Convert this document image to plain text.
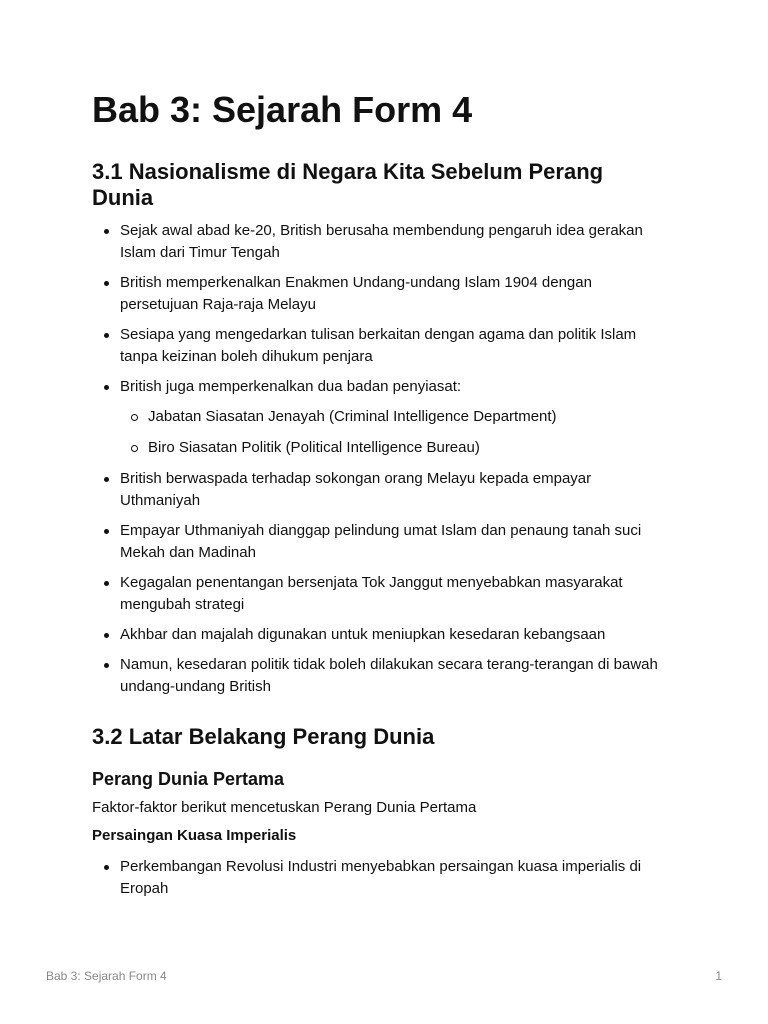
Bab 3: Sejarah Form 4
3.1 Nasionalisme di Negara Kita Sebelum Perang Dunia
Sejak awal abad ke-20, British berusaha membendung pengaruh idea gerakan Islam dari Timur Tengah
British memperkenalkan Enakmen Undang-undang Islam 1904 dengan persetujuan Raja-raja Melayu
Sesiapa yang mengedarkan tulisan berkaitan dengan agama dan politik Islam tanpa keizinan boleh dihukum penjara
British juga memperkenalkan dua badan penyiasat:
Jabatan Siasatan Jenayah (Criminal Intelligence Department)
Biro Siasatan Politik (Political Intelligence Bureau)
British berwaspada terhadap sokongan orang Melayu kepada empayar Uthmaniyah
Empayar Uthmaniyah dianggap pelindung umat Islam dan penaung tanah suci Mekah dan Madinah
Kegagalan penentangan bersenjata Tok Janggut menyebabkan masyarakat mengubah strategi
Akhbar dan majalah digunakan untuk meniupkan kesedaran kebangsaan
Namun, kesedaran politik tidak boleh dilakukan secara terang-terangan di bawah undang-undang British
3.2 Latar Belakang Perang Dunia
Perang Dunia Pertama
Faktor-faktor berikut mencetuskan Perang Dunia Pertama
Persaingan Kuasa Imperialis
Perkembangan Revolusi Industri menyebabkan persaingan kuasa imperialis di Eropah
Bab 3: Sejarah Form 4	1
